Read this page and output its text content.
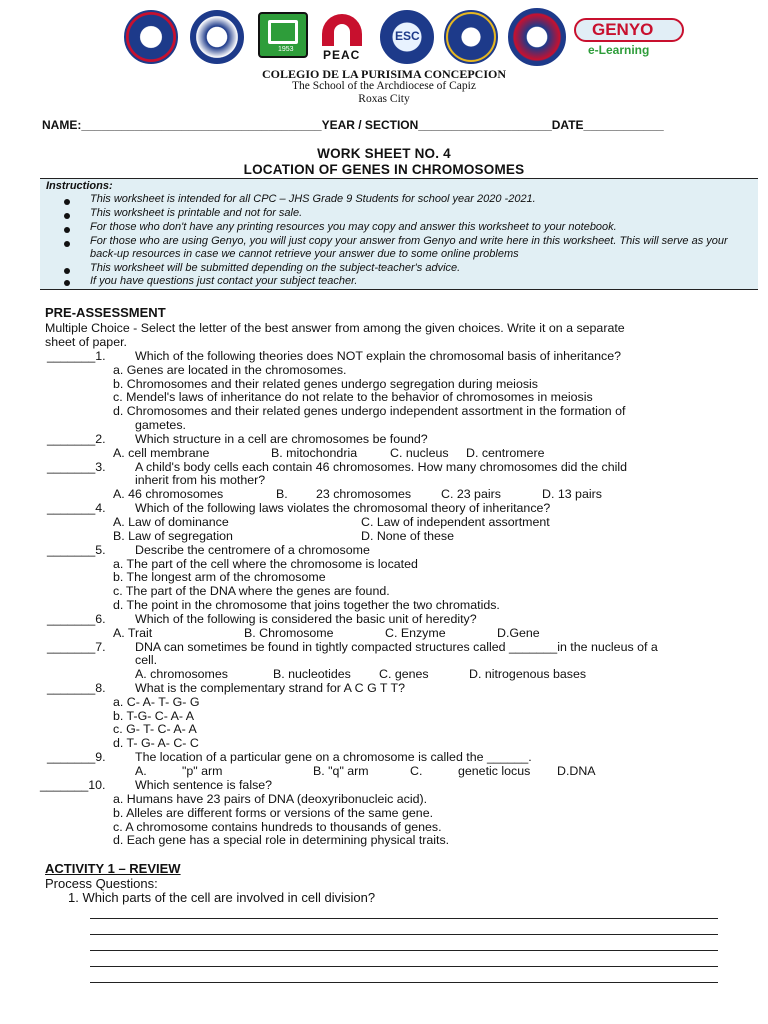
1953 PEAC
ESC	GENYO
e-Learning
COLEGIO DE LA PURISIMA CONCEPCION
The School of the Archdiocese of Capiz
Roxas City
NAME:____________________________________YEAR / SECTION____________________DATE____________
WORK SHEET NO. 4
LOCATION OF GENES IN CHROMOSOMES
Instructions:
This worksheet is intended for all CPC – JHS Grade 9 Students for school year 2020 -2021.
This worksheet is printable and not for sale.
For those who don't have any printing resources you may copy and answer this worksheet to your notebook.
For those who are using Genyo, you will just copy your answer from Genyo and write here in this worksheet. This will serve as your back-up resources in case we cannot retrieve your answer due to some online problems
This worksheet will be submitted depending on the subject-teacher's advice.
If you have questions just contact your subject teacher.
PRE-ASSESSMENT
Multiple Choice - Select the letter of the best answer from among the given choices. Write it on a separate
sheet of paper.
_______1. Which of the following theories does NOT explain the chromosomal basis of inheritance?
a. Genes are located in the chromosomes.
b. Chromosomes and their related genes undergo segregation during meiosis
c. Mendel's laws of inheritance do not relate to the behavior of chromosomes in meiosis
d. Chromosomes and their related genes undergo independent assortment in the formation of
gametes.
_______2. Which structure in a cell are chromosomes be found?
A. cell membrane	B. mitochondria	C. nucleus D. centromere
_______3. A child's body cells each contain 46 chromosomes. How many chromosomes did the child
inherit from his mother?
A. 46 chromosomes	B. 23 chromosomes C. 23 pairs	D. 13 pairs
_______4. Which of the following laws violates the chromosomal theory of inheritance?
A. Law of dominance	C. Law of independent assortment
B. Law of segregation	D. None of these
_______5. Describe the centromere of a chromosome
a. The part of the cell where the chromosome is located
b. The longest arm of the chromosome
c. The part of the DNA where the genes are found.
d. The point in the chromosome that joins together the two chromatids.
_______6. Which of the following is considered the basic unit of heredity?
A. Trait	B. Chromosome	C. Enzyme	D.Gene
_______7. DNA can sometimes be found in tightly compacted structures called _______in the nucleus of a
cell.
A. chromosomes	B. nucleotides C. genes	D. nitrogenous bases
_______8. What is the complementary strand for A C G T T?
a. C- A- T- G- G
b. T-G- C- A- A
c. G- T- C- A- A
d. T- G- A- C- C
_______9. The location of a particular gene on a chromosome is called the ______.
A.	"p" arm	B. "q" arm	C.	genetic locus D.DNA
_______10. Which sentence is false?
a. Humans have 23 pairs of DNA (deoxyribonucleic acid).
b. Alleles are different forms or versions of the same gene.
c. A chromosome contains hundreds to thousands of genes.
d. Each gene has a special role in determining physical traits.
ACTIVITY 1 – REVIEW
Process Questions:
1. Which parts of the cell are involved in cell division?
